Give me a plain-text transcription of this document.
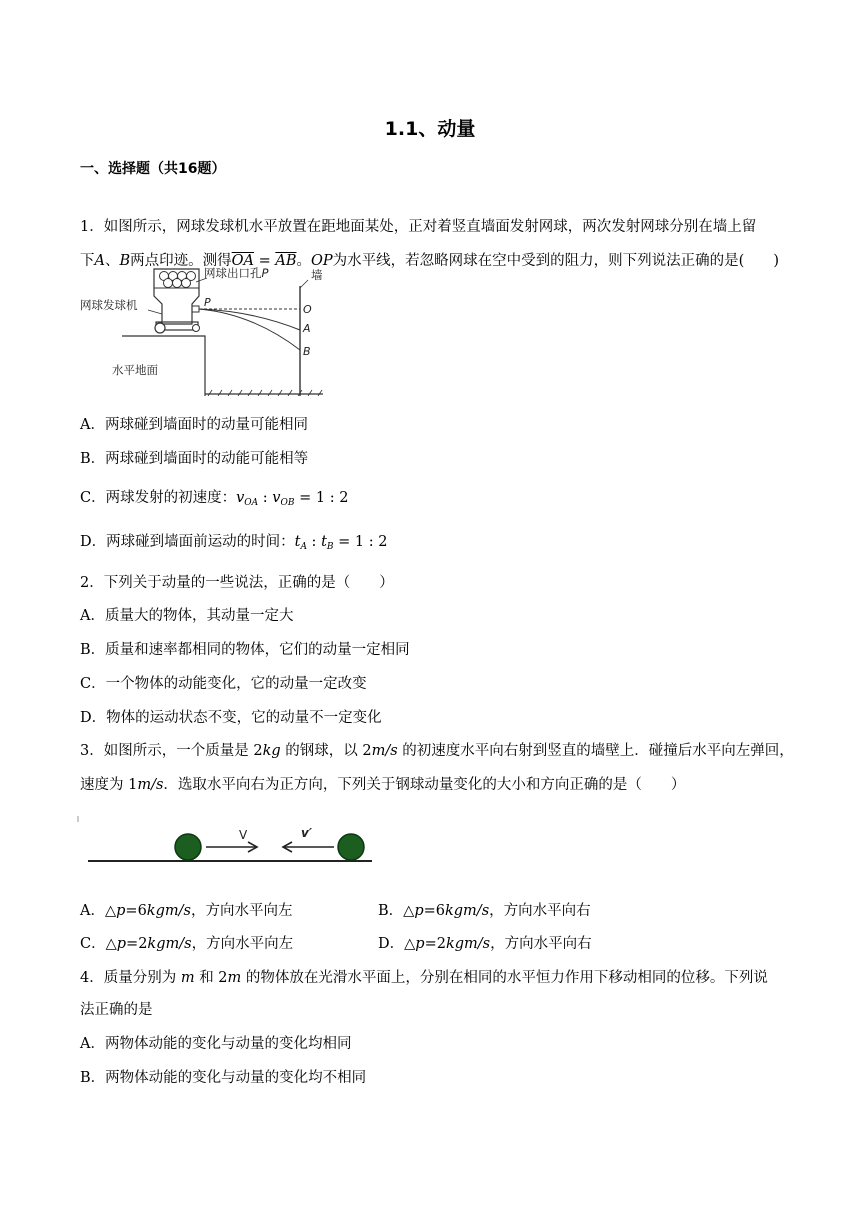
1.1、动量
一、选择题（共16题）
1．如图所示，网球发球机水平放置在距地面某处，正对着竖直墙面发射网球，两次发射网球分别在墙上留
下A、B两点印迹。测得$\overline{OA} = \overline{AB}$。OP为水平线，若忽略网球在空中受到的阻力，则下列说法正确的是(　　)
网球出口孔P	墙
网球发球机	P
O
A
B
水平地面
A．两球碰到墙面时的动量可能相同
B．两球碰到墙面时的动能可能相等
C．两球发射的初速度：$v_{OA}$ : $v_{OB} = 1$ : 2
D．两球碰到墙面前运动的时间：$t_A$ : $t_B = 1$ : 2
2．下列关于动量的一些说法，正确的是（　　）
A．质量大的物体，其动量一定大
B．质量和速率都相同的物体，它们的动量一定相同
C．一个物体的动能变化，它的动量一定改变
D．物体的运动状态不变，它的动量不一定变化
3．如图所示，一个质量是 2kg 的钢球，以 2m/s 的初速度水平向右射到竖直的墙壁上．碰撞后水平向左弹回，
速度为 1m/s．选取水平向右为正方向，下列关于钢球动量变化的大小和方向正确的是（　　）
V	v′
A．△p=6kgm/s，方向水平向左	B．△p=6kgm/s，方向水平向右
C．△p=2kgm/s，方向水平向左	D．△p=2kgm/s，方向水平向右
4．质量分别为 m 和 2m 的物体放在光滑水平面上，分别在相同的水平恒力作用下移动相同的位移。下列说
法正确的是
A．两物体动能的变化与动量的变化均相同
B．两物体动能的变化与动量的变化均不相同
